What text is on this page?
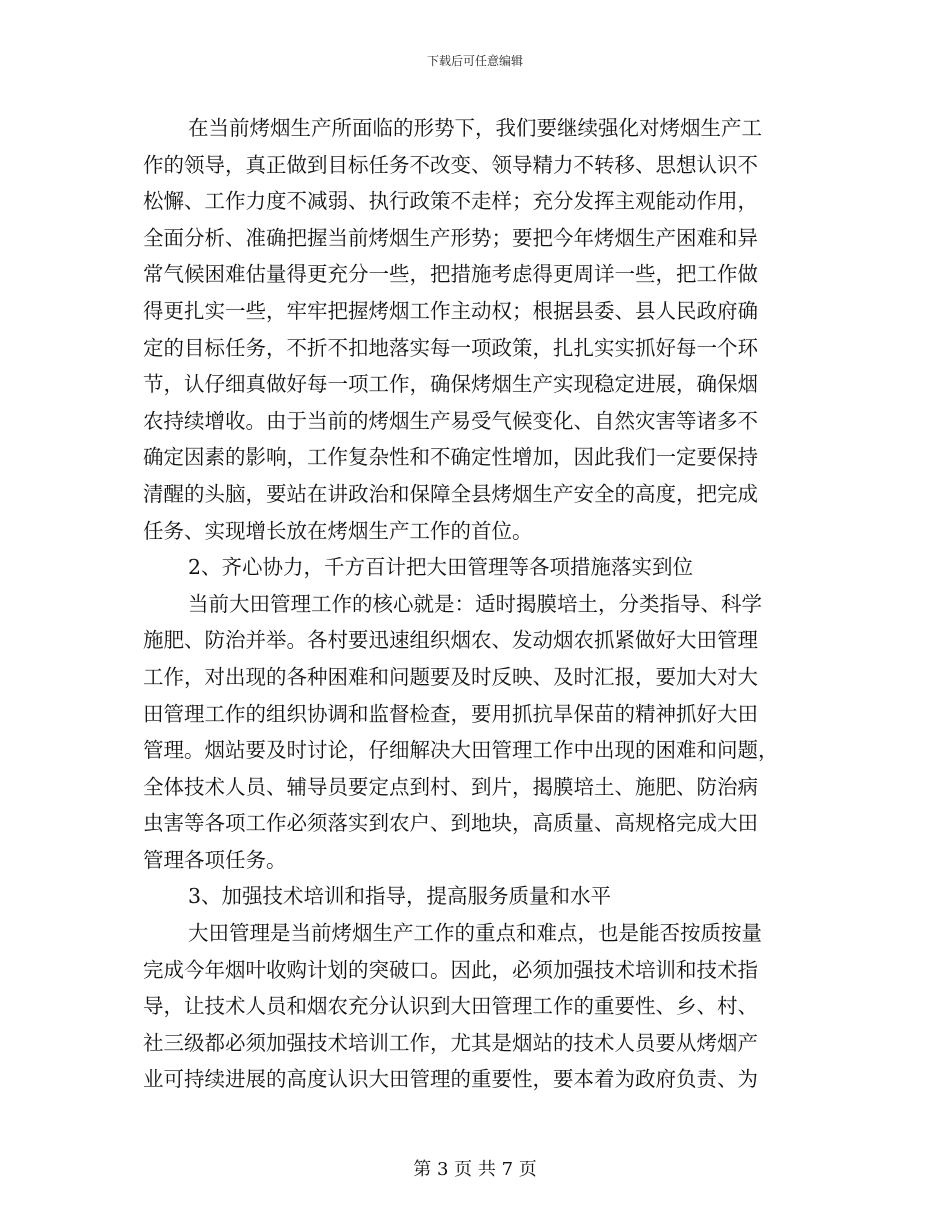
下载后可任意编辑
在当前烤烟生产所面临的形势下，我们要继续强化对烤烟生产工
作的领导，真正做到目标任务不改变、领导精力不转移、思想认识不
松懈、工作力度不减弱、执行政策不走样；充分发挥主观能动作用，
全面分析、准确把握当前烤烟生产形势；要把今年烤烟生产困难和异
常气候困难估量得更充分一些，把措施考虑得更周详一些，把工作做
得更扎实一些，牢牢把握烤烟工作主动权；根据县委、县人民政府确
定的目标任务，不折不扣地落实每一项政策，扎扎实实抓好每一个环
节，认仔细真做好每一项工作，确保烤烟生产实现稳定进展，确保烟
农持续增收。由于当前的烤烟生产易受气候变化、自然灾害等诸多不
确定因素的影响，工作复杂性和不确定性增加，因此我们一定要保持
清醒的头脑，要站在讲政治和保障全县烤烟生产安全的高度，把完成
任务、实现增长放在烤烟生产工作的首位。
2、齐心协力，千方百计把大田管理等各项措施落实到位
当前大田管理工作的核心就是：适时揭膜培土，分类指导、科学
施肥、防治并举。各村要迅速组织烟农、发动烟农抓紧做好大田管理
工作，对出现的各种困难和问题要及时反映、及时汇报，要加大对大
田管理工作的组织协调和监督检查，要用抓抗旱保苗的精神抓好大田
管理。烟站要及时讨论，仔细解决大田管理工作中出现的困难和问题，
全体技术人员、辅导员要定点到村、到片，揭膜培土、施肥、防治病
虫害等各项工作必须落实到农户、到地块，高质量、高规格完成大田
管理各项任务。
3、加强技术培训和指导，提高服务质量和水平
大田管理是当前烤烟生产工作的重点和难点，也是能否按质按量
完成今年烟叶收购计划的突破口。因此，必须加强技术培训和技术指
导，让技术人员和烟农充分认识到大田管理工作的重要性、乡、村、
社三级都必须加强技术培训工作，尤其是烟站的技术人员要从烤烟产
业可持续进展的高度认识大田管理的重要性，要本着为政府负责、为
第 3 页 共 7 页
